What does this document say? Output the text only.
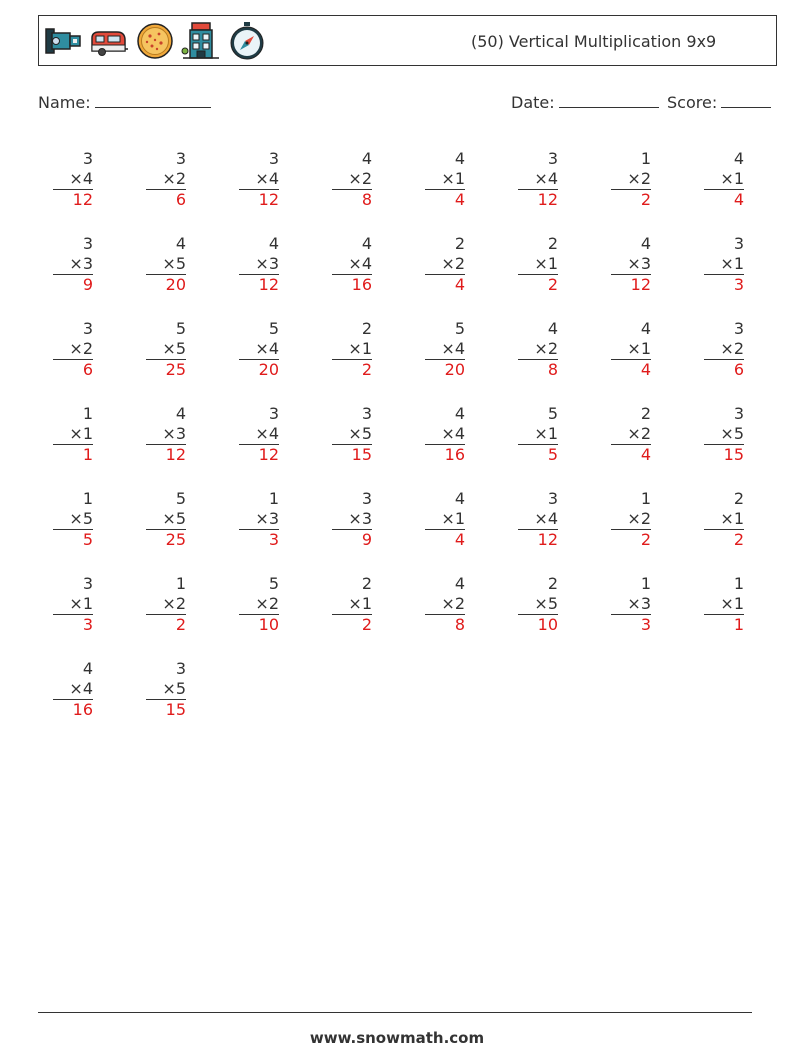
(50) Vertical Multiplication 9x9
Name:	Date:	Score:
3
×4
12
3
×2
6
3
×4
12
4
×2
8
4
×1
4
3
×4
12
1
×2
2
4
×1
4
3
×3
9
4
×5
20
4
×3
12
4
×4
16
2
×2
4
2
×1
2
4
×3
12
3
×1
3
3
×2
6
5
×5
25
5
×4
20
2
×1
2
5
×4
20
4
×2
8
4
×1
4
3
×2
6
1
×1
1
4
×3
12
3
×4
12
3
×5
15
4
×4
16
5
×1
5
2
×2
4
3
×5
15
1
×5
5
5
×5
25
1
×3
3
3
×3
9
4
×1
4
3
×4
12
1
×2
2
2
×1
2
3
×1
3
1
×2
2
5
×2
10
2
×1
2
4
×2
8
2
×5
10
1
×3
3
1
×1
1
4
×4
16
3
×5
15
www.snowmath.com
